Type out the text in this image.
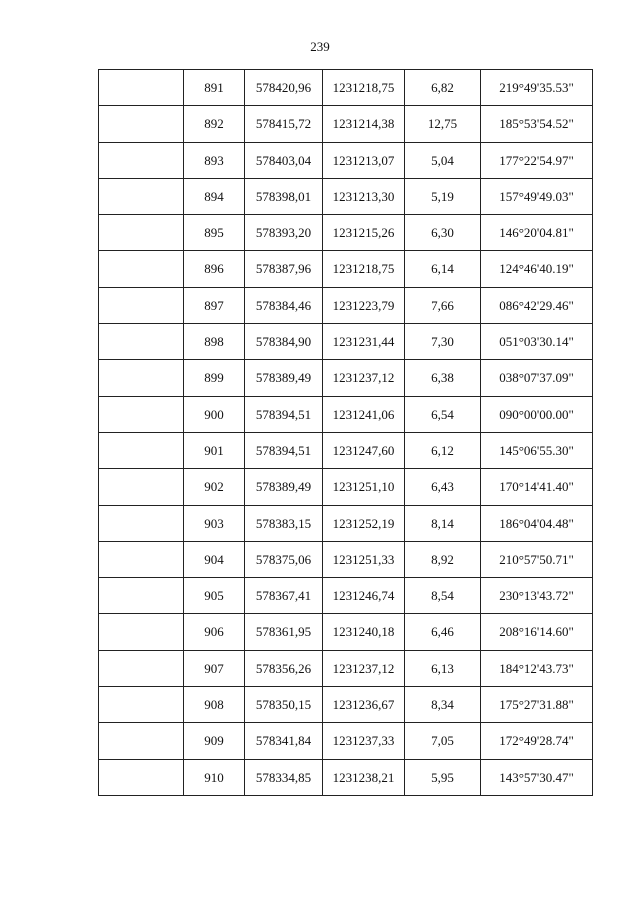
239
	891	578420,96	1231218,75	6,82	219°49'35.53"
	892	578415,72	1231214,38	12,75	185°53'54.52"
	893	578403,04	1231213,07	5,04	177°22'54.97"
	894	578398,01	1231213,30	5,19	157°49'49.03"
	895	578393,20	1231215,26	6,30	146°20'04.81"
	896	578387,96	1231218,75	6,14	124°46'40.19"
	897	578384,46	1231223,79	7,66	086°42'29.46"
	898	578384,90	1231231,44	7,30	051°03'30.14"
	899	578389,49	1231237,12	6,38	038°07'37.09"
	900	578394,51	1231241,06	6,54	090°00'00.00"
	901	578394,51	1231247,60	6,12	145°06'55.30"
	902	578389,49	1231251,10	6,43	170°14'41.40"
	903	578383,15	1231252,19	8,14	186°04'04.48"
	904	578375,06	1231251,33	8,92	210°57'50.71"
	905	578367,41	1231246,74	8,54	230°13'43.72"
	906	578361,95	1231240,18	6,46	208°16'14.60"
	907	578356,26	1231237,12	6,13	184°12'43.73"
	908	578350,15	1231236,67	8,34	175°27'31.88"
	909	578341,84	1231237,33	7,05	172°49'28.74"
	910	578334,85	1231238,21	5,95	143°57'30.47"
